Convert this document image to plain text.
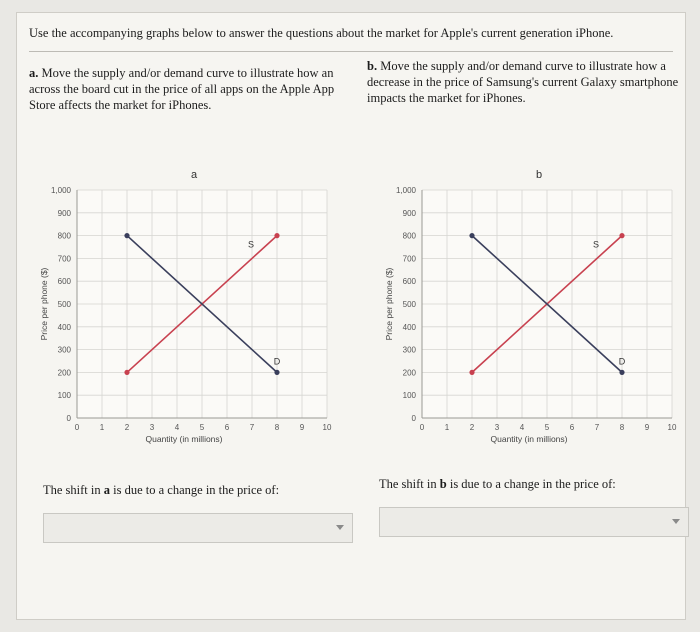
Use the accompanying graphs below to answer the questions about the market for Apple's current generation iPhone.
a. Move the supply and/or demand curve to illustrate how an across the board cut in the price of all apps on the Apple App Store affects the market for iPhones.
b. Move the supply and/or demand curve to illustrate how a decrease in the price of Samsung's current Galaxy smartphone impacts the market for iPhones.
0	1	2	3	4	5	6	7	8	9 10
0
100
200
300
400
500
600
700
800
900
1,000
Quantity (in millions)
Price per phone ($)
a
S
D
0	1	2	3	4	5	6	7	8	9 10
0
100
200
300
400
500
600
700
800
900
1,000
Quantity (in millions)
Price per phone ($)
b
S
D
The shift in a is due to a change in the price of:	The shift in b is due to a change in the price of:
